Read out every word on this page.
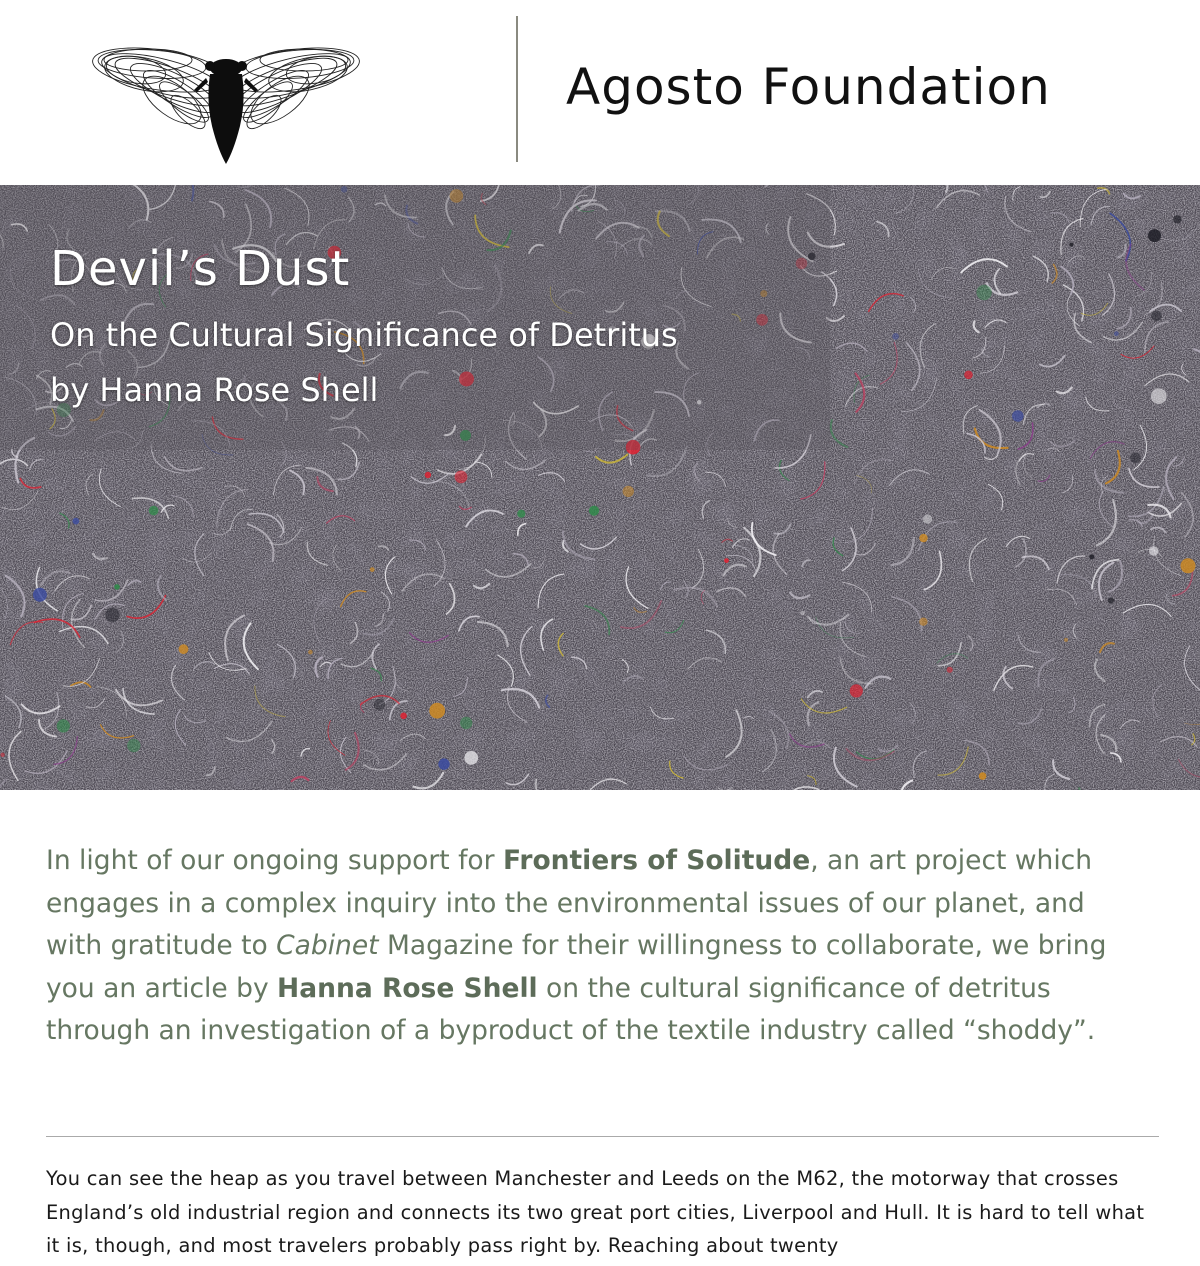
Agosto Foundation
Devil’s Dust
On the Cultural Significance of Detritus
by Hanna Rose Shell

In light of our ongoing support for Frontiers of Solitude, an art project which engages in a complex inquiry into the environmental issues of our planet, and with gratitude to Cabinet Magazine for their willingness to collaborate, we bring you an article by Hanna Rose Shell on the cultural significance of detritus through an investigation of a byproduct of the textile industry called “shoddy”.

You can see the heap as you travel between Manchester and Leeds on the M62, the motorway that crosses England’s old industrial region and connects its two great port cities, Liverpool and Hull. It is hard to tell what it is, though, and most travelers probably pass right by. Reaching about twenty
